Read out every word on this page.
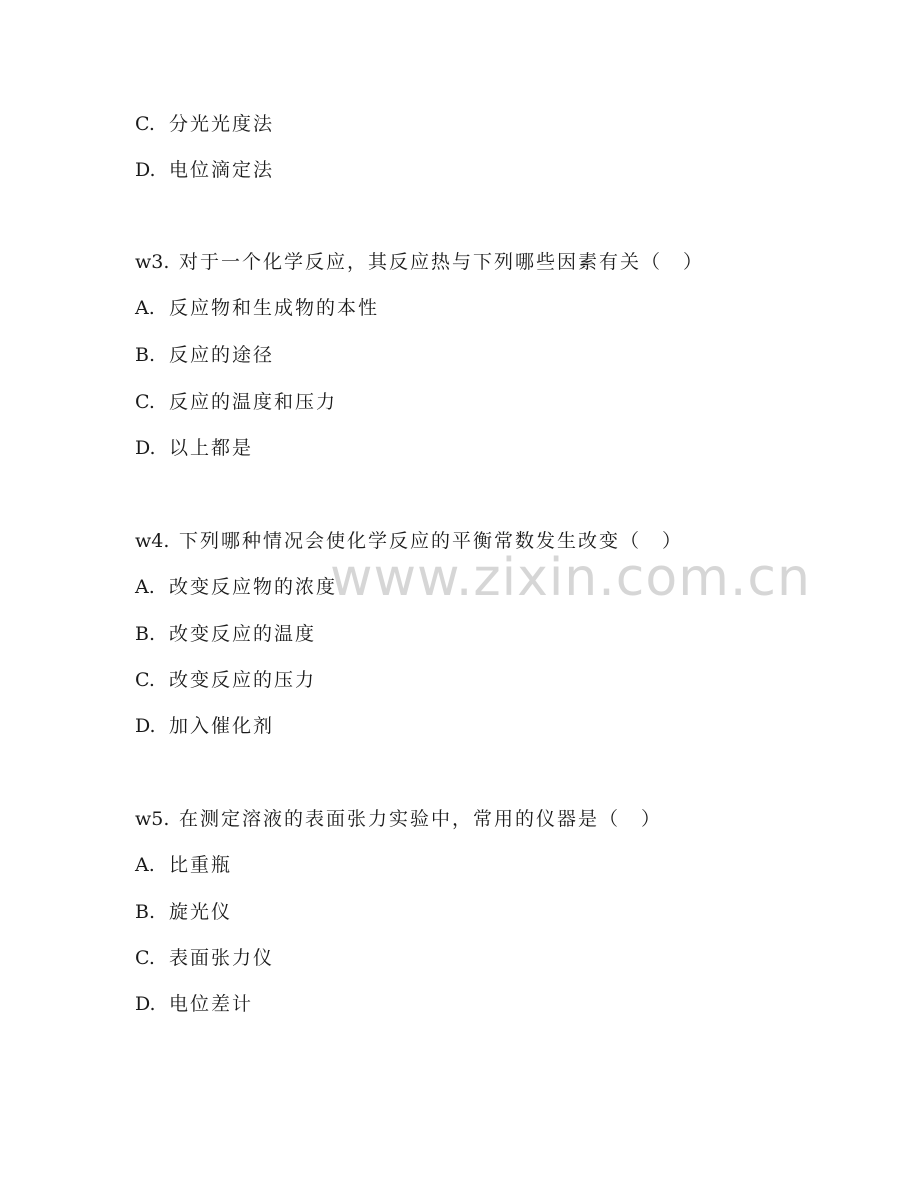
www.zixin.com.cn
C. 分光光度法
D. 电位滴定法
w3. 对于一个化学反应，其反应热与下列哪些因素有关（　）
A. 反应物和生成物的本性
B. 反应的途径
C. 反应的温度和压力
D. 以上都是
w4. 下列哪种情况会使化学反应的平衡常数发生改变（　）
A. 改变反应物的浓度
B. 改变反应的温度
C. 改变反应的压力
D. 加入催化剂
w5. 在测定溶液的表面张力实验中，常用的仪器是（　）
A. 比重瓶
B. 旋光仪
C. 表面张力仪
D. 电位差计
